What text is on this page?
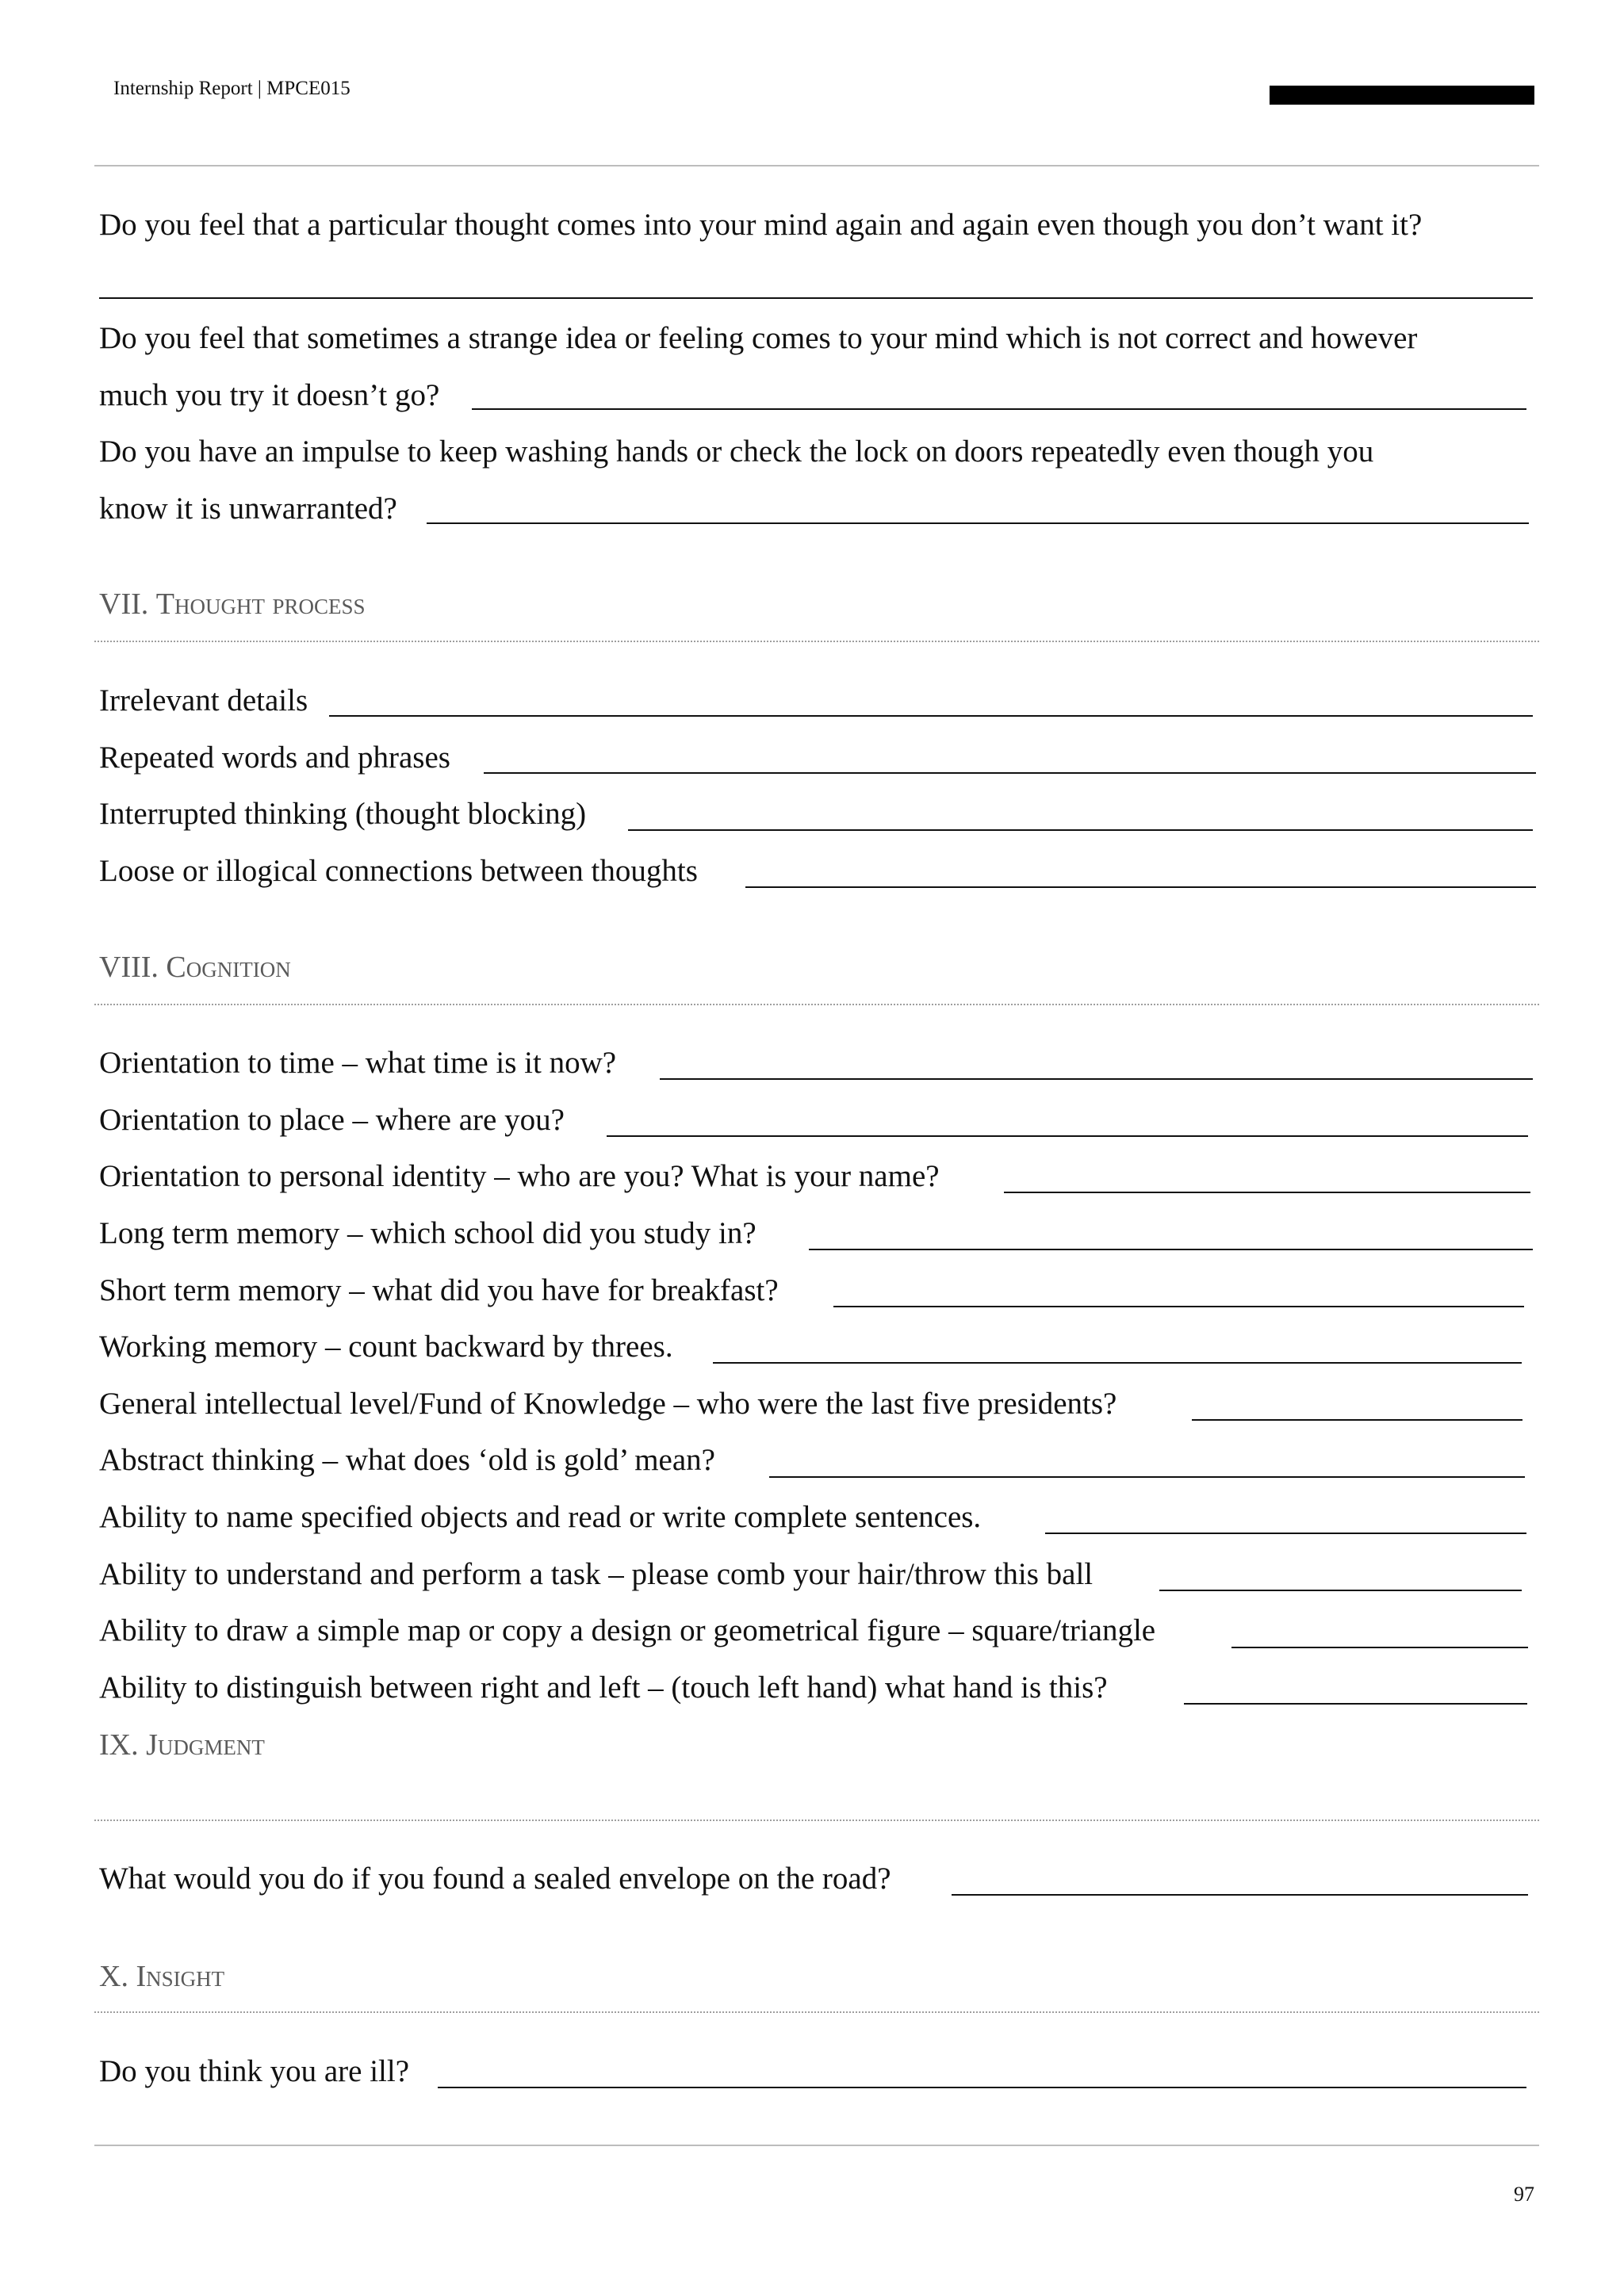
Internship Report | MPCE015
Do you feel that a particular thought comes into your mind again and again even though you don’t want it?
Do you feel that sometimes a strange idea or feeling comes to your mind which is not correct and however
much you try it doesn’t go?
Do you have an impulse to keep washing hands or check the lock on doors repeatedly even though you
know it is unwarranted?
VII. Thought process
Irrelevant details
Repeated words and phrases
Interrupted thinking (thought blocking)
Loose or illogical connections between thoughts
VIII. Cognition
Orientation to time – what time is it now?
Orientation to place – where are you?
Orientation to personal identity – who are you? What is your name?
Long term memory – which school did you study in?
Short term memory – what did you have for breakfast?
Working memory – count backward by threes.
General intellectual level/Fund of Knowledge – who were the last five presidents?
Abstract thinking – what does ‘old is gold’ mean?
Ability to name specified objects and read or write complete sentences.
Ability to understand and perform a task – please comb your hair/throw this ball
Ability to draw a simple map or copy a design or geometrical figure – square/triangle
Ability to distinguish between right and left – (touch left hand) what hand is this?
IX. Judgment
What would you do if you found a sealed envelope on the road?
X. Insight
Do you think you are ill?
97
